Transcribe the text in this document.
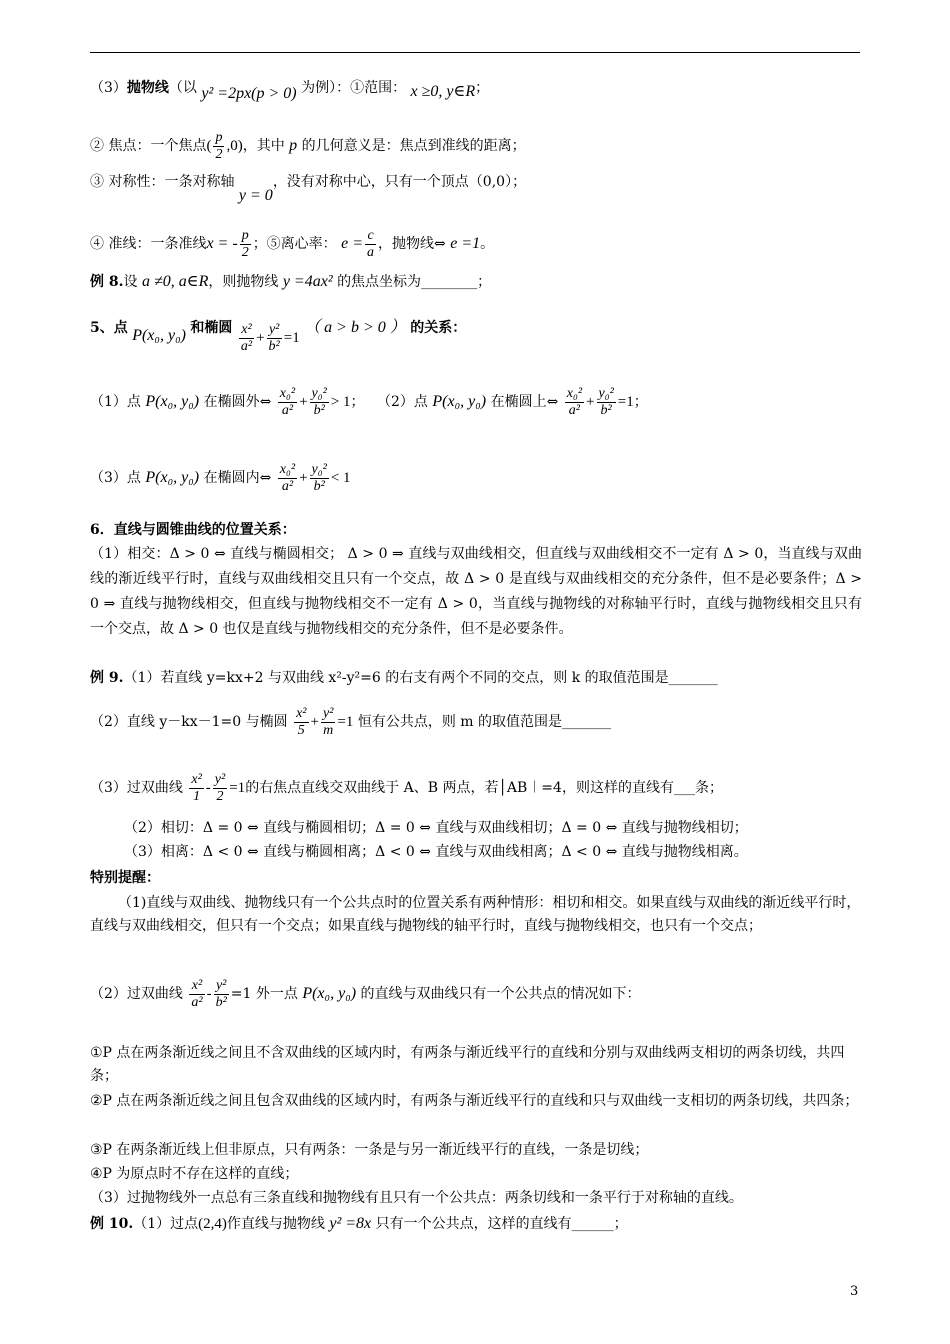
（3）抛物线（以 y² =2px(p > 0) 为例）：①范围： x ≥0, y∈R；
② 焦点：一个焦点( $\frac{p}{2} ,0$)，其中 p 的几何意义是：焦点到准线的距离；
③ 对称性：一条对称轴 y = 0，没有对称中心，只有一个顶点（0,0）；
④ 准线：一条准线x = - $\frac{p}{2}$ ；⑤离心率： $e = \frac{c}{a}$ ，抛物线⇔ e =1。
例 8.设 a ≠0, a∈R，则抛物线 y =4ax² 的焦点坐标为________；
5、点 P(x₀, y₀) 和椭圆 $\frac{\text{x²}}{\text{a²}} + \frac{\text{y²}}{\text{b²}} =1$ （ a > b > 0 ） 的关系：
（1）点 P(x₀, y₀) 在椭圆外⇔ $\frac{\text{x₀²}}{\text{a²}} + \frac{\text{y₀²}}{\text{b²}} > 1$； （2）点 P(x₀, y₀) 在椭圆上⇔ $\frac{\text{x₀²}}{\text{a²}} + \frac{\text{y₀²}}{\text{b²}} =1$；
（3）点 P(x₀, y₀) 在椭圆内⇔ $\frac{\text{x₀²}}{\text{a²}} + \frac{\text{y₀²}}{\text{b²}} < 1$
6．直线与圆锥曲线的位置关系：
（1）相交：Δ > 0 ⇔ 直线与椭圆相交； Δ > 0 ⇒ 直线与双曲线相交，但直线与双曲线相交不一定有 Δ > 0，当直线与双曲线的渐近线平行时，直线与双曲线相交且只有一个交点，故 Δ > 0 是直线与双曲线相交的充分条件，但不是必要条件；Δ > 0 ⇒ 直线与抛物线相交，但直线与抛物线相交不一定有 Δ > 0，当直线与抛物线的对称轴平行时，直线与抛物线相交且只有一个交点，故 Δ > 0 也仅是直线与抛物线相交的充分条件，但不是必要条件。
例 9.（1）若直线 y=kx+2 与双曲线 x²-y²=6 的右支有两个不同的交点，则 k 的取值范围是_______
（2）直线 y－kx－1=0 与椭圆 $\frac{\text{x²}}{5} + \frac{\text{y²}}{m} =1$ 恒有公共点，则 m 的取值范围是_______
（3）过双曲线 $\frac{\text{x²}}{1} - \frac{\text{y²}}{2} =1$的右焦点直线交双曲线于 A、B 两点，若│AB︱=4，则这样的直线有___条；
（2）相切：Δ = 0 ⇔ 直线与椭圆相切；Δ = 0 ⇔ 直线与双曲线相切；Δ = 0 ⇔ 直线与抛物线相切；
（3）相离：Δ < 0 ⇔ 直线与椭圆相离；Δ < 0 ⇔ 直线与双曲线相离；Δ < 0 ⇔ 直线与抛物线相离。
特别提醒：
（1)直线与双曲线、抛物线只有一个公共点时的位置关系有两种情形：相切和相交。如果直线与双曲线的渐近线平行时，直线与双曲线相交，但只有一个交点；如果直线与抛物线的轴平行时，直线与抛物线相交，也只有一个交点；
（2）过双曲线 $\frac{\text{x²}}{\text{a²}} - \frac{\text{y²}}{\text{b²}} =1$ 外一点 P(x₀, y₀) 的直线与双曲线只有一个公共点的情况如下：
①P 点在两条渐近线之间且不含双曲线的区域内时，有两条与渐近线平行的直线和分别与双曲线两支相切的两条切线，共四条；
②P 点在两条渐近线之间且包含双曲线的区域内时，有两条与渐近线平行的直线和只与双曲线一支相切的两条切线，共四条；
③P 在两条渐近线上但非原点，只有两条：一条是与另一渐近线平行的直线，一条是切线；
④P 为原点时不存在这样的直线；
（3）过抛物线外一点总有三条直线和抛物线有且只有一个公共点：两条切线和一条平行于对称轴的直线。
例 10.（1）过点(2,4)作直线与抛物线 y² =8x 只有一个公共点，这样的直线有______；
3
